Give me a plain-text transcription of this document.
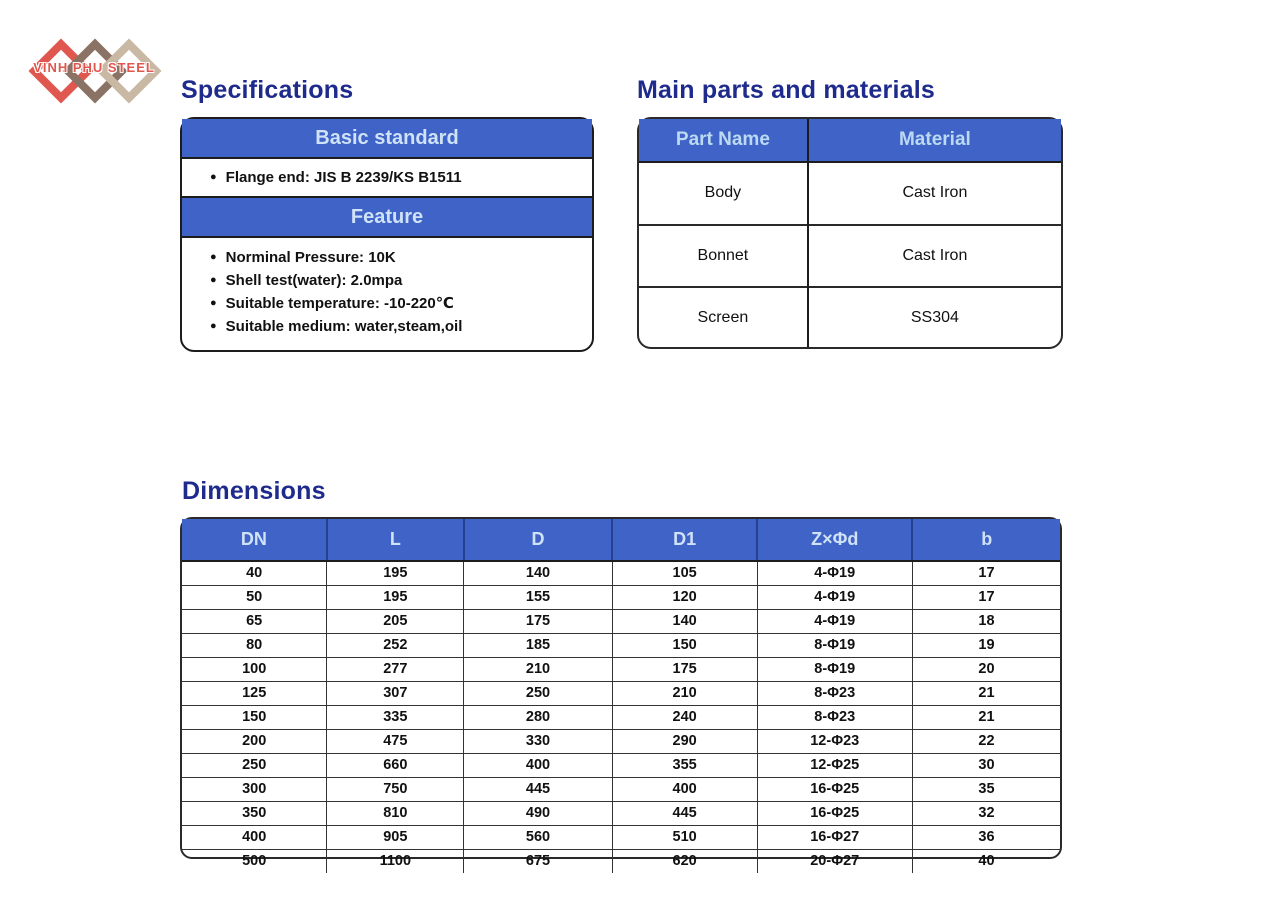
VINH PHU STEEL
Specifications	Main parts and materials
Dimensions
Basic standard
● Flange end: JIS B 2239/KS B1511
Feature
● Norminal Pressure: 10K
● Shell test(water): 2.0mpa
● Suitable temperature: -10-220℃
● Suitable medium: water,steam,oil
Part Name	Material
Body	Cast Iron
Bonnet	Cast Iron
Screen	SS304
DN	L	D	D1	Z×Φd	b
40	195	140	105	4-Φ19	17
50	195	155	120	4-Φ19	17
65	205	175	140	4-Φ19	18
80	252	185	150	8-Φ19	19
100	277	210	175	8-Φ19	20
125	307	250	210	8-Φ23	21
150	335	280	240	8-Φ23	21
200	475	330	290	12-Φ23	22
250	660	400	355	12-Φ25	30
300	750	445	400	16-Φ25	35
350	810	490	445	16-Φ25	32
400	905	560	510	16-Φ27	36
500	1100	675	620	20-Φ27	40
